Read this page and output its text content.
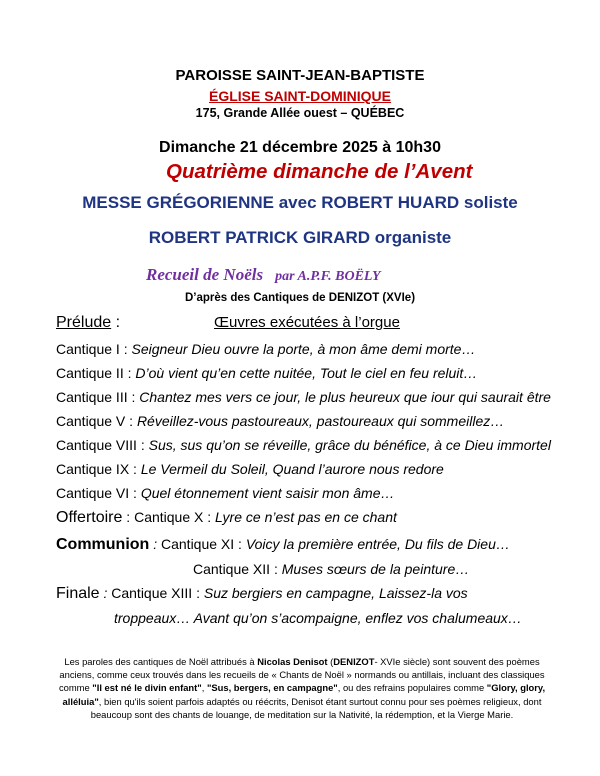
PAROISSE SAINT-JEAN-BAPTISTE
ÉGLISE SAINT-DOMINIQUE
175, Grande Allée ouest – QUÉBEC
Dimanche 21 décembre 2025 à 10h30
Quatrième dimanche de l’Avent
MESSE GRÉGORIENNE avec ROBERT HUARD soliste
ROBERT PATRICK GIRARD organiste
Recueil de Noëls par A.P.F. BOËLY
D’après des Cantiques de DENIZOT (XVIe)
Prélude :	Œuvres exécutées à l’orgue
Cantique I : Seigneur Dieu ouvre la porte, à mon âme demi morte…
Cantique II : D’où vient qu’en cette nuitée, Tout le ciel en feu reluit…
Cantique III : Chantez mes vers ce jour, le plus heureux que iour qui saurait être
Cantique V : Réveillez-vous pastoureaux, pastoureaux qui sommeillez…
Cantique VIII : Sus, sus qu’on se réveille, grâce du bénéfice, à ce Dieu immortel
Cantique IX : Le Vermeil du Soleil, Quand l’aurore nous redore
Cantique VI : Quel étonnement vient saisir mon âme…
Offertoire : Cantique X : Lyre ce n’est pas en ce chant
Communion : Cantique XI : Voicy la première entrée, Du fils de Dieu…
Cantique XII : Muses sœurs de la peinture…
Finale : Cantique XIII : Suz bergiers en campagne, Laissez-la vos
troppeaux… Avant qu’on s’acompaigne, enflez vos chalumeaux…
Les paroles des cantiques de Noël attribués à Nicolas Denisot (DENIZOT- XVIe siècle) sont souvent des poèmes anciens, comme ceux trouvés dans les recueils de « Chants de Noël » normands ou antillais, incluant des classiques comme "Il est né le divin enfant", "Sus, bergers, en campagne", ou des refrains populaires comme "Glory, glory, alléluia", bien qu'ils soient parfois adaptés ou réécrits, Denisot étant surtout connu pour ses poèmes religieux, dont beaucoup sont des chants de louange, de meditation sur la Nativité, la rédemption, et la Vierge Marie.
